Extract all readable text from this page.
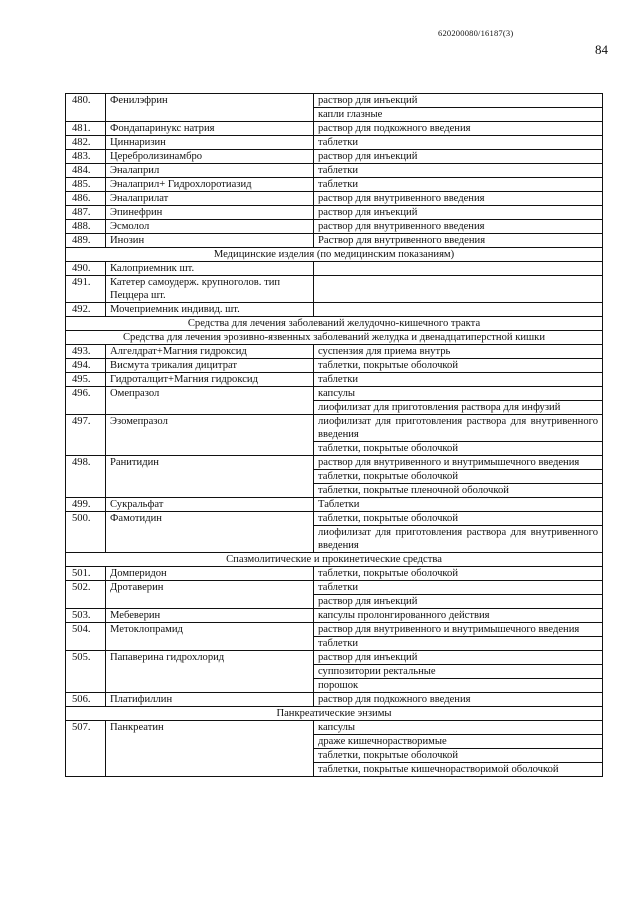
620200080/16187(3)
84
480.	Фенилэфрин	раствор для инъекций
		капли глазные
481.	Фондапаринукс натрия	раствор для подкожного введения
482.	Циннаризин	таблетки
483.	Церебролизинамбро	раствор для инъекций
484.	Эналаприл	таблетки
485.	Эналаприл+ Гидрохлоротиазид	таблетки
486.	Эналаприлат	раствор для внутривенного введения
487.	Эпинефрин	раствор для инъекций
488.	Эсмолол	раствор для внутривенного введения
489.	Инозин	Раствор для внутривенного введения
Медицинские изделия (по медицинским показаниям)		
490.	Калоприемник шт.	
491.	Катетер самоудерж. крупноголов. тип Пеццера шт.	
492.	Мочеприемник индивид. шт.	
Средства для лечения заболеваний желудочно-кишечного тракта		
Средства для лечения эрозивно-язвенных заболеваний желудка и двенадцатиперстной кишки		
493.	Алгелдрат+Магния гидроксид	суспензия для приема внутрь
494.	Висмута трикалия дицитрат	таблетки, покрытые оболочкой
495.	Гидроталцит+Магния гидроксид	таблетки
496.	Омепразол	капсулы
		лиофилизат для приготовления раствора для инфузий
497.	Эзомепразол	лиофилизат для приготовления раствора для внутривенного введения
		таблетки, покрытые оболочкой
498.	Ранитидин	раствор для внутривенного и внутримышечного введения
		таблетки, покрытые оболочкой
		таблетки, покрытые пленочной оболочкой
499.	Сукральфат	Таблетки
500.	Фамотидин	таблетки, покрытые оболочкой
		лиофилизат для приготовления раствора для внутривенного введения
Спазмолитические и прокинетические средства		
501.	Домперидон	таблетки, покрытые оболочкой
502.	Дротаверин	таблетки
		раствор для инъекций
503.	Мебеверин	капсулы пролонгированного действия
504.	Метоклопрамид	раствор для внутривенного и внутримышечного введения
		таблетки
505.	Папаверина гидрохлорид	раствор для инъекций
		суппозитории ректальные
		порошок
506.	Платифиллин	раствор для подкожного введения
Панкреатические энзимы		
507.	Панкреатин	капсулы
		драже кишечнорастворимые
		таблетки, покрытые оболочкой
		таблетки, покрытые кишечнорастворимой оболочкой
